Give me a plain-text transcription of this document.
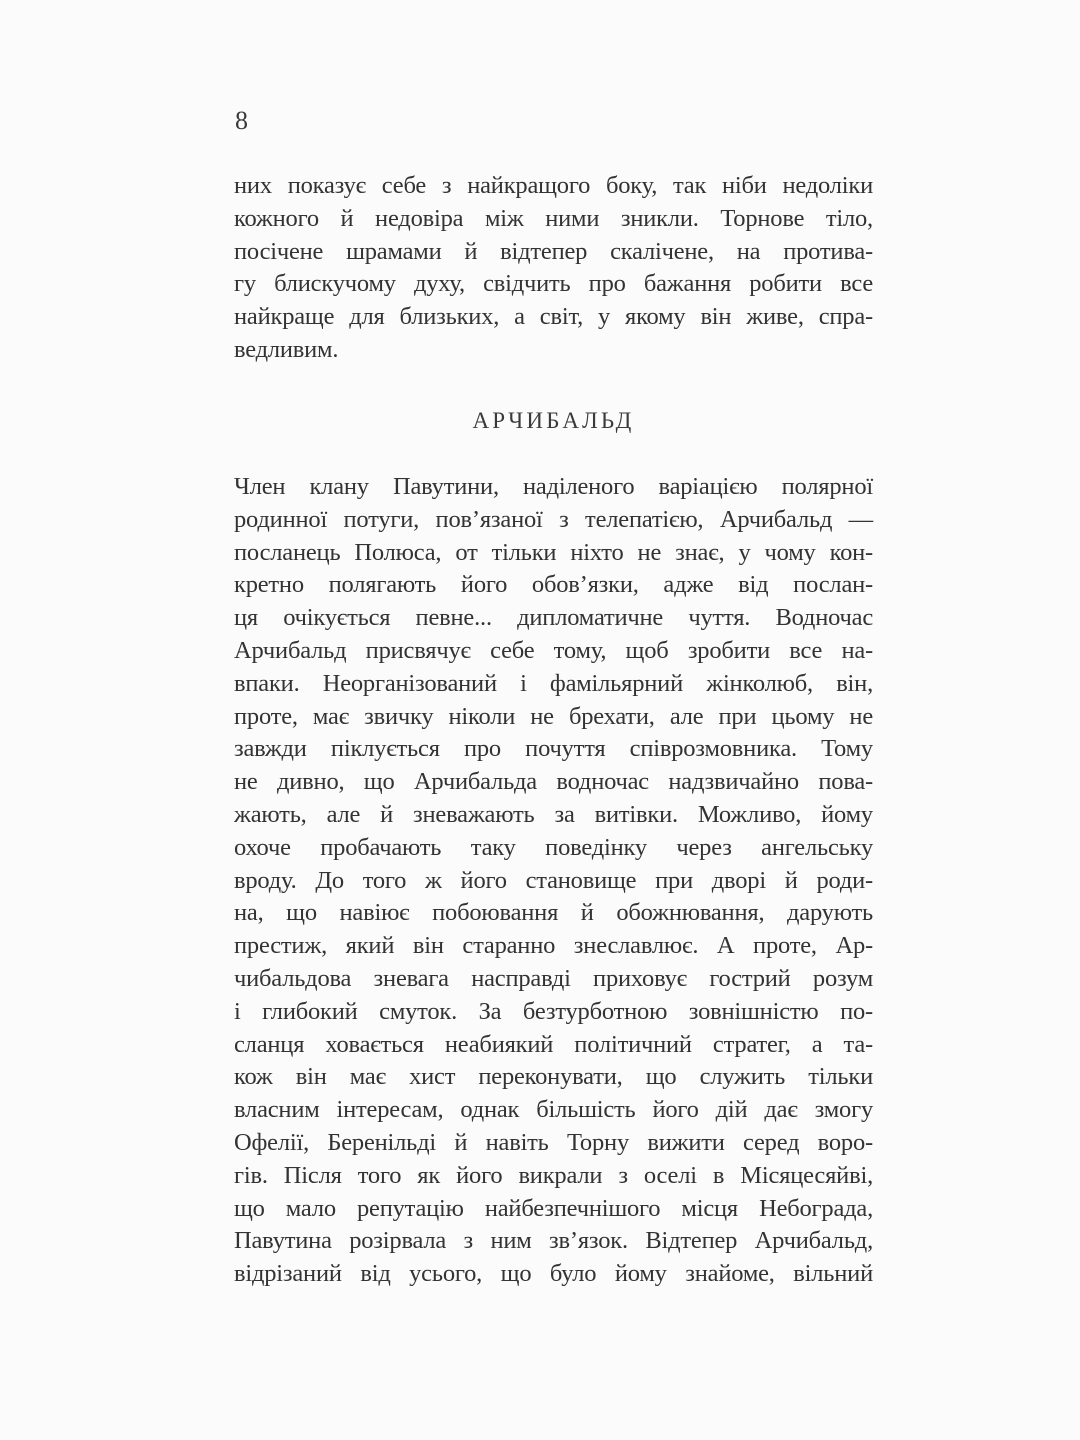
8
них показує себе з найкращого боку, так ніби недоліки
кожного й недовіра між ними зникли. Торнове тіло,
посічене шрамами й відтепер скалічене, на протива-
гу блискучому духу, свідчить про бажання робити все
найкраще для близьких, а світ, у якому він живе, спра-
ведливим.
АРЧИБАЛЬД
Член клану Павутини, наділеного варіацією полярної
родинної потуги, пов’язаної з телепатією, Арчибальд —
посланець Полюса, от тільки ніхто не знає, у чому кон-
кретно полягають його обов’язки, адже від послан-
ця очікується певне... дипломатичне чуття. Водночас
Арчибальд присвячує себе тому, щоб зробити все на-
впаки. Неорганізований і фамільярний жінколюб, він,
проте, має звичку ніколи не брехати, але при цьому не
завжди піклується про почуття співрозмовника. Тому
не дивно, що Арчибальда водночас надзвичайно пова-
жають, але й зневажають за витівки. Можливо, йому
охоче пробачають таку поведінку через ангельську
вроду. До того ж його становище при дворі й роди-
на, що навіює побоювання й обожнювання, дарують
престиж, який він старанно знеславлює. А проте, Ар-
чибальдова зневага насправді приховує гострий розум
і глибокий смуток. За безтурботною зовнішністю по-
сланця ховається неабиякий політичний стратег, а та-
кож він має хист переконувати, що служить тільки
власним інтересам, однак більшість його дій дає змогу
Офелії, Беренільді й навіть Торну вижити серед воро-
гів. Після того як його викрали з оселі в Місяцесяйві,
що мало репутацію найбезпечнішого місця Небограда,
Павутина розірвала з ним зв’язок. Відтепер Арчибальд,
відрізаний від усього, що було йому знайоме, вільний
